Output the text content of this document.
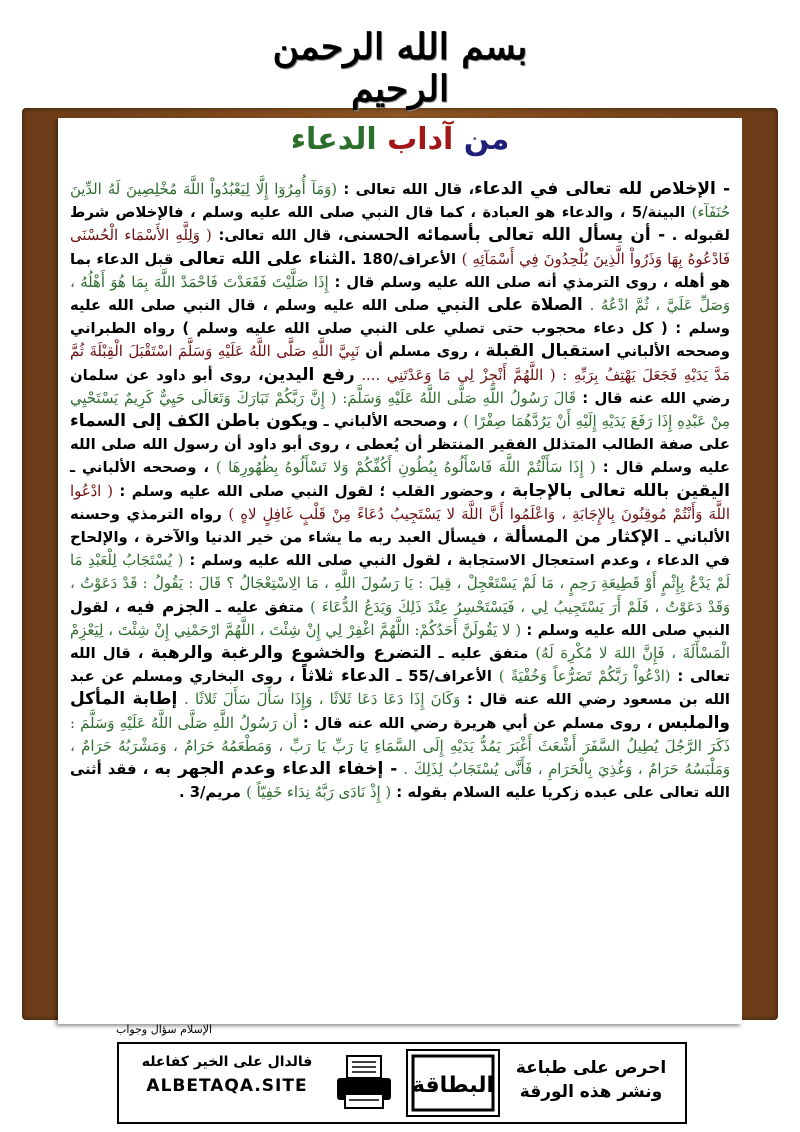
بسم الله الرحمن الرحيم
من آداب الدعاء

- الإخلاص لله تعالى في الدعاء، قال الله تعالى : (وَمَآ أُمِرُوٓا إِلَّا لِيَعْبُدُواْ اللَّهَ مُخْلِصِينَ لَهُ الدِّينَ حُنَفَآء) البينة/5 ، والدعاء هو العبادة ، كما قال النبي صلى الله عليه وسلم ، فالإخلاص شرط لقبوله . - أن يسأل الله تعالى بأسمائه الحسنى، قال الله تعالى: ( وَلِلَّهِ الأَسْمَاء الْحُسْنَى فَادْعُوهُ بِهَا وَذَرُواْ الَّذِينَ يُلْحِدُونَ فِي أَسْمَآئِهِ ) الأعراف/180 .الثناء على الله تعالى قبل الدعاء بما هو أهله ، روى الترمذي أنه صلى الله عليه وسلم قال : إِذَا صَلَّيْتَ فَقَعَدْتَ فَاحْمَدْ اللَّهَ بِمَا هُوَ أَهْلُهُ ، وَصَلِّ عَلَيَّ ، ثُمَّ ادْعُهُ . الصلاة على النبي صلى الله عليه وسلم ، قال النبي صلى الله عليه وسلم : ( كل دعاء محجوب حتى تصلي على النبي صلى الله عليه وسلم ) رواه الطبراني وصححه الألباني استقبال القبلة ، روى مسلم أن نَبِيَّ اللَّهِ صَلَّى اللَّهُ عَلَيْهِ وَسَلَّمَ اسْتَقْبَلَ الْقِبْلَةَ ثُمَّ مَدَّ يَدَيْهِ فَجَعَلَ يَهْتِفُ بِرَبِّهِ : ( اللَّهُمَّ أَنْجِزْ لِي مَا وَعَدْتَنِي .... رفع اليدين، روى أبو داود عن سلمان رضي الله عنه قال : قَالَ رَسُولُ اللَّهِ صَلَّى اللَّهُ عَلَيْهِ وَسَلَّمَ: ( إِنَّ رَبَّكُمْ تَبَارَكَ وَتَعَالَى حَيِيٌّ كَرِيمٌ يَسْتَحْيِي مِنْ عَبْدِهِ إِذَا رَفَعَ يَدَيْهِ إِلَيْهِ أَنْ يَرُدَّهُمَا صِفْرًا ) ، وصححه الألباني ـ ويكون باطن الكف إلى السماء على صفة الطالب المتذلل الفقير المنتظر أن يُعطى ، روى أبو داود أن رسول الله صلى الله عليه وسلم قال : ( إِذَا سَأَلْتُمْ اللَّهَ فَاسْأَلُوهُ بِبُطُونِ أَكُفِّكُمْ وَلا تَسْأَلُوهُ بِظُهُورِهَا ) ، وصححه الألباني ـ اليقين بالله تعالى بالإجابة ، وحضور القلب ؛ لقول النبي صلى الله عليه وسلم : ( ادْعُوا اللَّهَ وَأَنْتُمْ مُوقِنُونَ بِالإِجَابَةِ ، وَاعْلَمُوا أَنَّ اللَّهَ لا يَسْتَجِيبُ دُعَاءً مِنْ قَلْبٍ غَافِلٍ لاهٍ ) رواه الترمذي وحسنه الألباني ـ الإكثار من المسألة ، فيسأل العبد ربه ما يشاء من خير الدنيا والآخرة ، والإلحاح في الدعاء ، وعدم استعجال الاستجابة ، لقول النبي صلى الله عليه وسلم : ( يُسْتَجَابُ لِلْعَبْدِ مَا لَمْ يَدْعُ بِإِثْمٍ أَوْ قَطِيعَةِ رَحِمٍ ، مَا لَمْ يَسْتَعْجِلْ ، قِيلَ : يَا رَسُولَ اللَّهِ ، مَا الِاسْتِعْجَالُ ؟ قَالَ : يَقُولُ : قَدْ دَعَوْتُ ، وَقَدْ دَعَوْتُ ، فَلَمْ أَرَ يَسْتَجِيبُ لِي ، فَيَسْتَحْسِرُ عِنْدَ ذَلِكَ وَيَدَعُ الدُّعَاءَ ) متفق عليه ـ الجزم فيه ، لقول النبي صلى الله عليه وسلم : ( لا يَقُولَنَّ أَحَدُكُمْ: اللَّهُمَّ اغْفِرْ لِي إِنْ شِئْتَ ، اللَّهُمَّ ارْحَمْنِي إِنْ شِئْتَ ، لِيَعْزِمْ الْمَسْأَلَةَ ، فَإِنَّ اللهَ لا مُكْرِهَ لَهُ) متفق عليه ـ التضرع والخشوع والرغبة والرهبة ، قال الله تعالى : (ادْعُواْ رَبَّكُمْ تَضَرُّعاً وَخُفْيَةً ) الأعراف/55 ـ الدعاء ثلاثاً ، روى البخاري ومسلم عن عبد الله بن مسعود رضي الله عنه قال : وَكَانَ إِذَا دَعَا دَعَا ثَلاثًا ، وَإِذَا سَأَلَ سَأَلَ ثَلاثًا . إطابة المأكل والملبس ، روى مسلم عن أبي هريرة رضي الله عنه قال : أن رَسُولُ اللَّهِ صَلَّى اللَّهُ عَلَيْهِ وَسَلَّمَ : ذَكَرَ الرَّجُلَ يُطِيلُ السَّفَرَ أَشْعَثَ أَغْبَرَ يَمُدُّ يَدَيْهِ إِلَى السَّمَاءِ يَا رَبِّ يَا رَبِّ ، وَمَطْعَمُهُ حَرَامٌ ، وَمَشْرَبُهُ حَرَامٌ ، وَمَلْبَسُهُ حَرَامٌ ، وَغُذِيَ بِالْحَرَامِ ، فَأَنَّى يُسْتَجَابُ لِذَلِكَ . - إخفاء الدعاء وعدم الجهر به ، فقد أثنى الله تعالى على عبده زكريا عليه السلام بقوله : ( إِذْ نَادَى رَبَّهُ نِدَاء خَفِيّاً ) مريم/3 .

الإسلام سؤال وجواب
فالدال على الخير كفاعله
ALBETAQA.SITE	البطاقة
احرص على طباعة
ونشر هذه الورقة
